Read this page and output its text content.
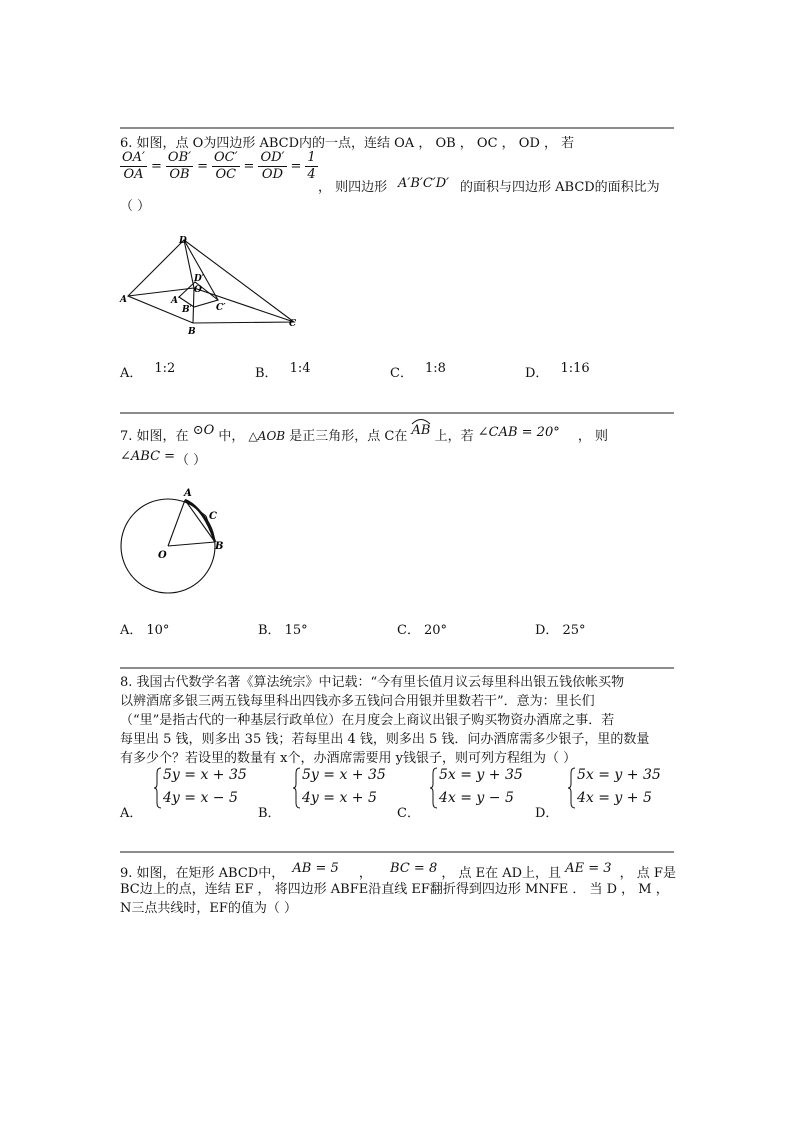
6. 如图，点 O为四边形 ABCD内的一点，连结 OA ， OB ， OC ， OD ， 若
$\frac{OA'}{OA} = \frac{OB'}{OB} = \frac{OC'}{OC} = \frac{OD'}{OD} = \frac{1}{4}$
， 则四边形 A′B′C′D′ 的面积与四边形 ABCD的面积比为
（ ）
D
D′
O
A	A′
B′	C′
C
B
A． 1:2	B． 1:4	C． 1:8	D． 1:16
7. 如图，在 ⊙O 中， △AOB 是正三角形，点 C在 AB 上，若 ∠CAB = 20° ， 则
∠ABC = （ ）
A
C
B
O
A． 10°	B． 15°	C． 20°	D． 25°
8. 我国古代数学名著《算法统宗》中记载：“今有里长值月议云每里科出银五钱依帐买物
以辨酒席多银三两五钱每里科出四钱亦多五钱问合用银并里数若干”．意为：里长们
（“里”是指古代的一种基层行政单位）在月度会上商议出银子购买物资办酒席之事．若
每里出 5 钱，则多出 35 钱；若每里出 4 钱，则多出 5 钱．问办酒席需多少银子，里的数量
有多少个？若设里的数量有 x个，办酒席需要用 y钱银子，则可列方程组为（ ）
A．
5y = x + 35
4y = x − 5
B．
5y = x + 35
4y = x + 5
C．
5x = y + 35
4x = y − 5
D．
5x = y + 35
4x = y + 5
9. 如图，在矩形 ABCD中， AB = 5 ， BC = 8 ， 点 E在 AD上，且 AE = 3 ， 点 F是
BC边上的点，连结 EF ， 将四边形 ABFE沿直线 EF翻折得到四边形 MNFE ． 当 D ， M ，
N三点共线时，EF的值为（ ）
